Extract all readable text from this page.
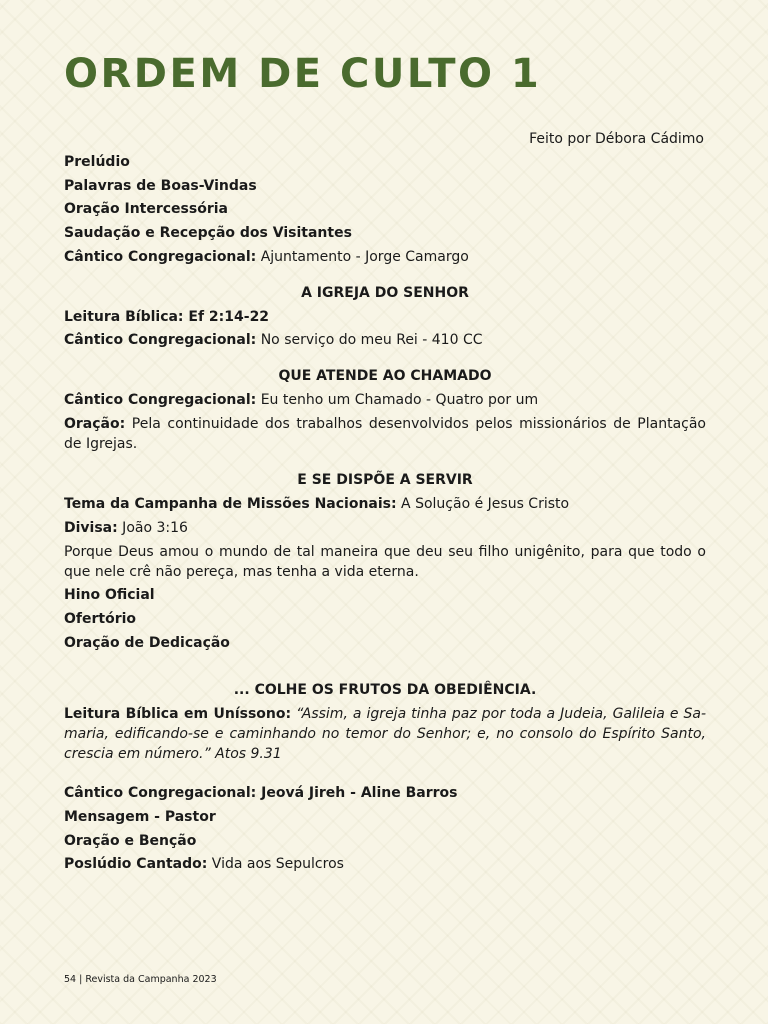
ORDEM DE CULTO 1
Feito por Débora Cádimo
Prelúdio
Palavras de Boas-Vindas
Oração Intercessória
Saudação e Recepção dos Visitantes
Cântico Congregacional: Ajuntamento - Jorge Camargo
A IGREJA DO SENHOR
Leitura Bíblica: Ef 2:14-22
Cântico Congregacional: No serviço do meu Rei - 410 CC
QUE ATENDE AO CHAMADO
Cântico Congregacional: Eu tenho um Chamado - Quatro por um
Oração: Pela continuidade dos trabalhos desenvolvidos pelos missionários de Plantação de Igrejas.
E SE DISPÕE A SERVIR
Tema da Campanha de Missões Nacionais: A Solução é Jesus Cristo
Divisa: João 3:16
Porque Deus amou o mundo de tal maneira que deu seu filho unigênito, para que todo o que nele crê não pereça, mas tenha a vida eterna.
Hino Oficial
Ofertório
Oração de Dedicação
... COLHE OS FRUTOS DA OBEDIÊNCIA.
Leitura Bíblica em Uníssono: “Assim, a igreja tinha paz por toda a Judeia, Galileia e Samaria, edificando-se e caminhando no temor do Senhor; e, no consolo do Espírito Santo, crescia em número.” Atos 9.31
Cântico Congregacional: Jeová Jireh - Aline Barros
Mensagem - Pastor
Oração e Benção
Poslúdio Cantado: Vida aos Sepulcros
54 | Revista da Campanha 2023
